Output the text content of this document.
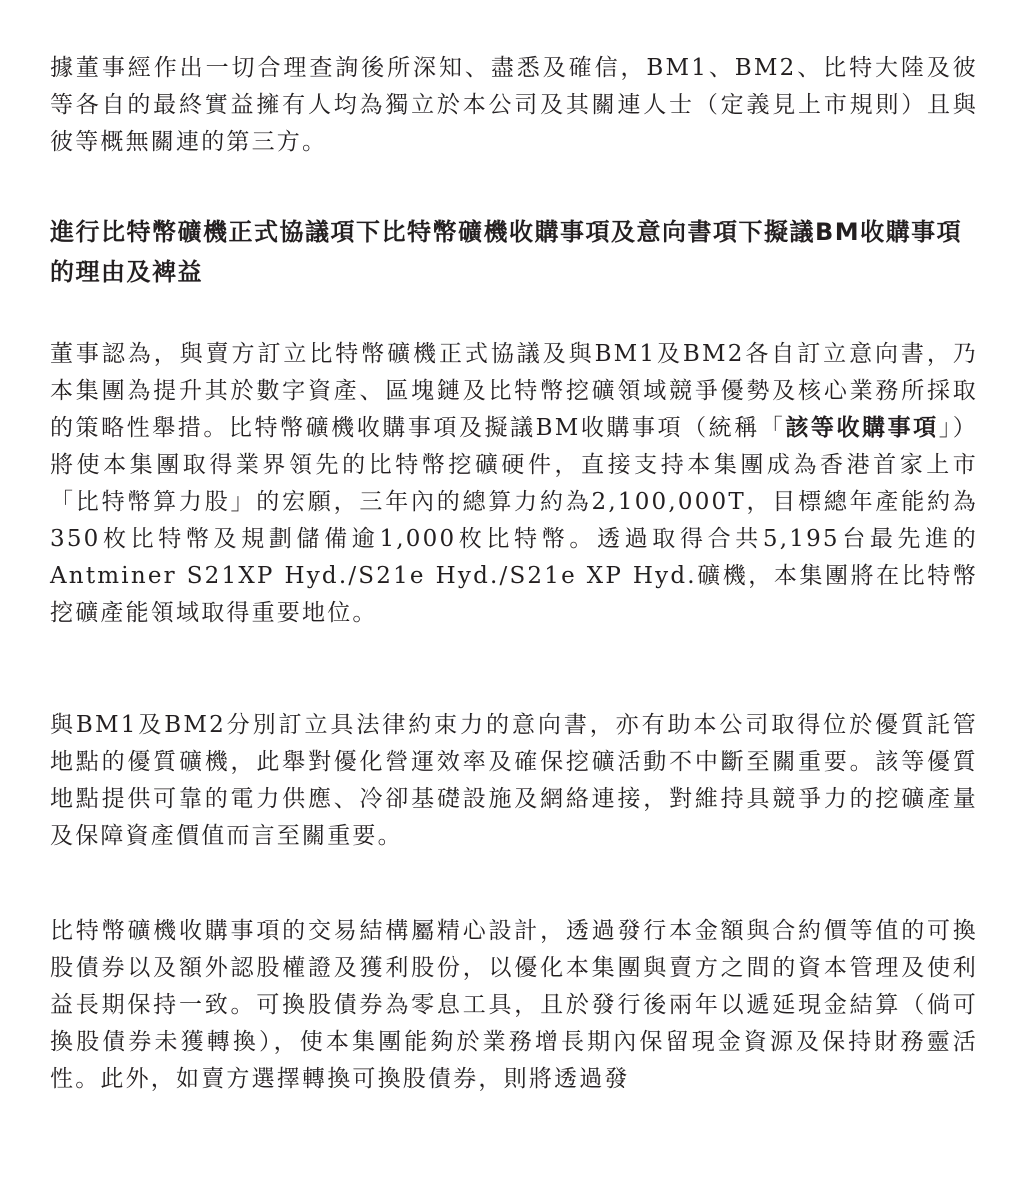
據董事經作出一切合理查詢後所深知、盡悉及確信，BM1、BM2、比特大陸及彼等各自的最終實益擁有人均為獨立於本公司及其關連人士（定義見上市規則）且與彼等概無關連的第三方。

進行比特幣礦機正式協議項下比特幣礦機收購事項及意向書項下擬議BM收購事項的理由及裨益

董事認為，與賣方訂立比特幣礦機正式協議及與BM1及BM2各自訂立意向書，乃本集團為提升其於數字資產、區塊鏈及比特幣挖礦領域競爭優勢及核心業務所採取的策略性舉措。比特幣礦機收購事項及擬議BM收購事項（統稱「該等收購事項」）將使本集團取得業界領先的比特幣挖礦硬件，直接支持本集團成為香港首家上市「比特幣算力股」的宏願，三年內的總算力約為2,100,000T，目標總年產能約為350枚比特幣及規劃儲備逾1,000枚比特幣。透過取得合共5,195台最先進的Antminer S21XP Hyd./S21e Hyd./S21e XP Hyd.礦機，本集團將在比特幣挖礦產能領域取得重要地位。

與BM1及BM2分別訂立具法律約束力的意向書，亦有助本公司取得位於優質託管地點的優質礦機，此舉對優化營運效率及確保挖礦活動不中斷至關重要。該等優質地點提供可靠的電力供應、冷卻基礎設施及網絡連接，對維持具競爭力的挖礦產量及保障資產價值而言至關重要。

比特幣礦機收購事項的交易結構屬精心設計，透過發行本金額與合約價等值的可換股債券以及額外認股權證及獲利股份，以優化本集團與賣方之間的資本管理及使利益長期保持一致。可換股債券為零息工具，且於發行後兩年以遞延現金結算（倘可換股債券未獲轉換），使本集團能夠於業務增長期內保留現金資源及保持財務靈活性。此外，如賣方選擇轉換可換股債券，則將透過發
